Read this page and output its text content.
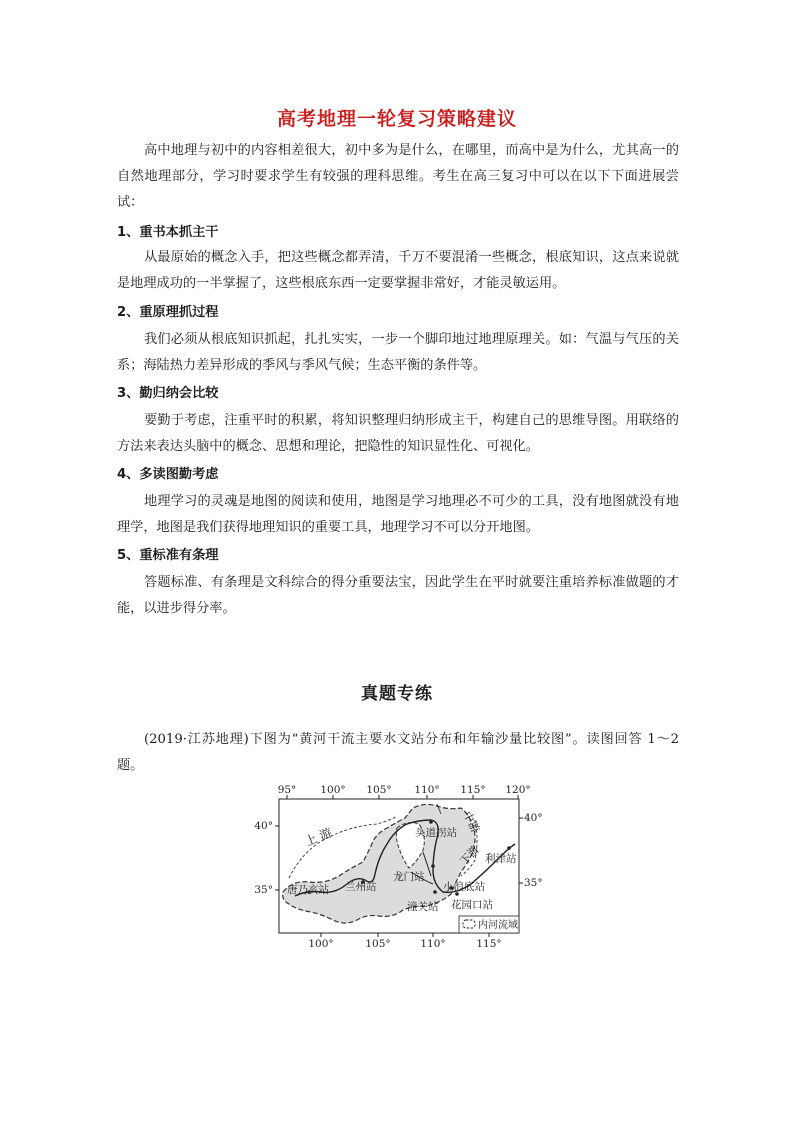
高考地理一轮复习策略建议

高中地理与初中的内容相差很大，初中多为是什么，在哪里，而高中是为什么，尤其高一的自然地理部分，学习时要求学生有较强的理科思维。考生在高三复习中可以在以下下面进展尝试：

1、重书本抓主干

从最原始的概念入手，把这些概念都弄清，千万不要混淆一些概念，根底知识，这点来说就是地理成功的一半掌握了，这些根底东西一定要掌握非常好，才能灵敏运用。

2、重原理抓过程

我们必须从根底知识抓起，扎扎实实，一步一个脚印地过地理原理关。如：气温与气压的关系；海陆热力差异形成的季风与季风气候；生态平衡的条件等。

3、勤归纳会比较

要勤于考虑，注重平时的积累，将知识整理归纳形成主干，构建自己的思维导图。用联络的方法来表达头脑中的概念、思想和理论，把隐性的知识显性化、可视化。

4、多读图勤考虑

地理学习的灵魂是地图的阅读和使用，地图是学习地理必不可少的工具，没有地图就没有地理学，地图是我们获得地理知识的重要工具，地理学习不可以分开地图。

5、重标准有条理

答题标准、有条理是文科综合的得分重要法宝，因此学生在平时就要注重培养标准做题的才能，以进步得分率。

真题专练

(2019·江苏地理)下图为“黄河干流主要水文站分布和年输沙量比较图”。读图回答 1～2 题。

95° 100° 105° 110° 115° 120°
100°	105°	110°	115°
40°
35°
40°
35°
上 游
中游
下游
头道拐站
利津站
龙门站
小浪底站
唐乃亥站 兰州站
花园口站
潼关站
内河流域
